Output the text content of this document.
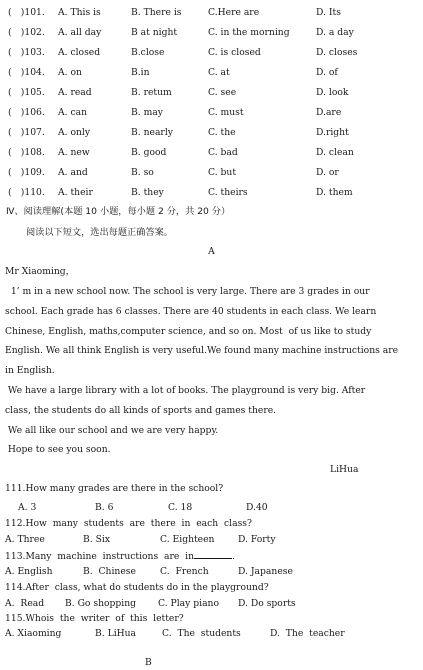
(　)101. A. This is	B. There is	C.Here are	D. Its
(　)102. A. all day	B at night	C. in the morning	D. a day
(　)103. A. closed	B.close	C. is closed	D. closes
(　)104. A. on	B.in	C. at	D. of
(　)105. A. read	B. retum	C. see	D. look
(　)106. A. can	B. may	C. must	D.are
(　)107. A. only	B. nearly	C. the	D.right
(　)108. A. new	B. good	C. bad	D. clean
(　)109. A. and	B. so	C. but	D. or
(　)110. A. their	B. they	C. theirs	D. them
Ⅳ、阅读理解(本题 10 小题，每小题 2 分，共 20 分）
阅读以下短文，选出每题正确答案。
A
Mr Xiaoming，
1’ m in a new school now. The school is very large. There are 3 grades in our
school. Each grade has 6 classes. There are 40 students in each class. We learn
Chinese, English, maths,computer science, and so on. Most  of us like to study
English. We all think English is very useful.We found many machine instructions are
in English.
We have a large library with a lot of books. The playground is very big. After
class, the students do all kinds of sports and games there.
We all like our school and we are very happy.
Hope to see you soon.
LiHua
111.How many grades are there in the school?
A. 3	B. 6	C. 18	D.40
112.How  many  students  are  there  in  each  class?
A. Three	B. Six	C. Eighteen	D. Forty
113.Many  machine  instructions  are  in	.
A. English	B.  Chinese	C.  French	D. Japanese
114.After  class, what do students do in the playground?
A.  Read B. Go shopping C. Play piano D. Do sports
115.Whois  the  writer  of  this  letter?
A. Xiaoming	B. LiHua	C.  The  students	D.  The  teacher
B
